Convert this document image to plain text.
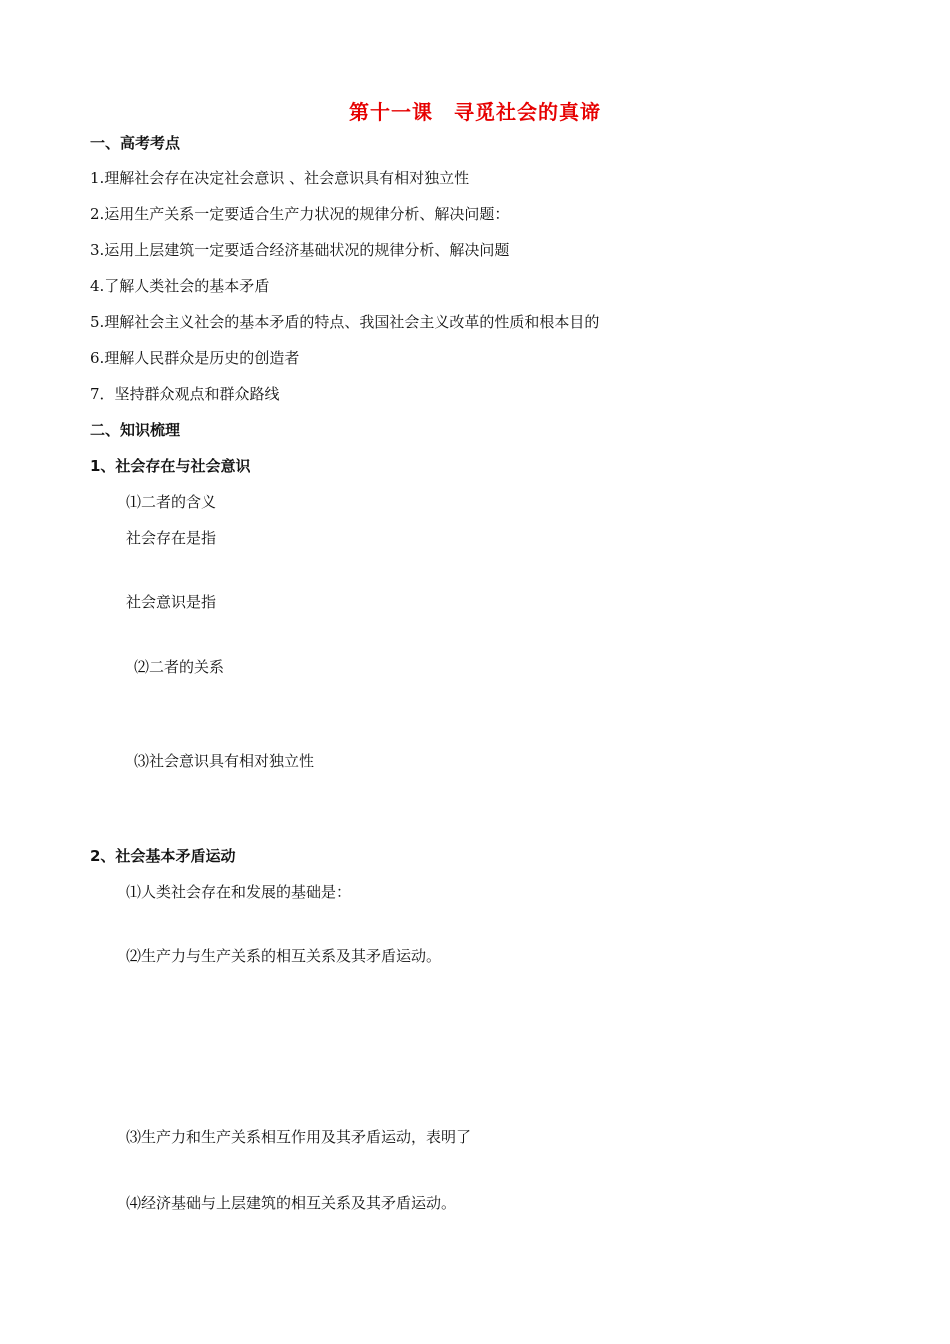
第十一课　寻觅社会的真谛
一、高考考点
1.理解社会存在决定社会意识 、社会意识具有相对独立性
2.运用生产关系一定要适合生产力状况的规律分析、解决问题：
3.运用上层建筑一定要适合经济基础状况的规律分析、解决问题
4.了解人类社会的基本矛盾
5.理解社会主义社会的基本矛盾的特点、我国社会主义改革的性质和根本目的
6.理解人民群众是历史的创造者
7．坚持群众观点和群众路线
二、知识梳理
1、社会存在与社会意识
⑴二者的含义
社会存在是指
社会意识是指
⑵二者的关系
⑶社会意识具有相对独立性
2、社会基本矛盾运动
⑴人类社会存在和发展的基础是：
⑵生产力与生产关系的相互关系及其矛盾运动。
⑶生产力和生产关系相互作用及其矛盾运动，表明了
⑷经济基础与上层建筑的相互关系及其矛盾运动。
